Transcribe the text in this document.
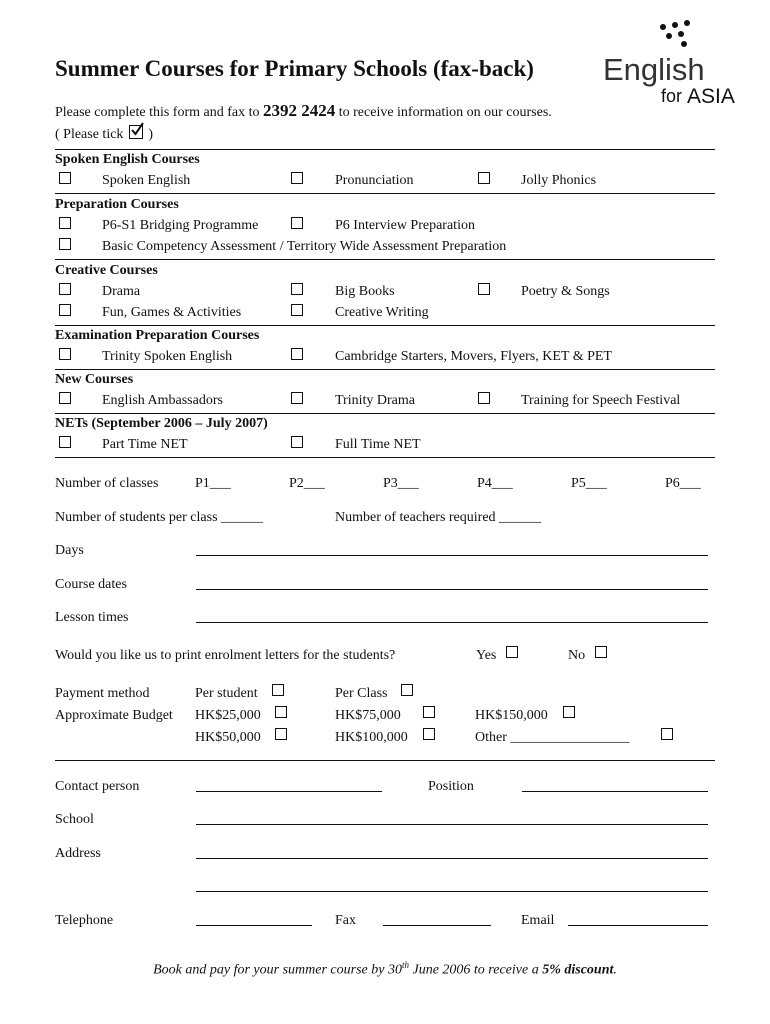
Summer Courses for Primary Schools (fax-back) English
for ASIA
Please complete this form and fax to 2392 2424 to receive information on our courses.
( Please tick )
Spoken English Courses
Spoken English	Pronunciation	Jolly Phonics
Preparation Courses
P6-S1 Bridging Programme	P6 Interview Preparation
Basic Competency Assessment / Territory Wide Assessment Preparation
Creative Courses
Drama	Big Books	Poetry & Songs
Fun, Games & Activities	Creative Writing
Examination Preparation Courses
Trinity Spoken English	Cambridge Starters, Movers, Flyers, KET & PET
New Courses
English Ambassadors	Trinity Drama	Training for Speech Festival
NETs (September 2006 – July 2007)
Part Time NET	Full Time NET
Number of classes	P1___	P2___	P3___	P4___	P5___	P6___
Number of students per class ______	Number of teachers required ______
Days
Course dates
Lesson times
Would you like us to print enrolment letters for the students?	Yes	No
Payment method	Per student	Per Class
Approximate Budget HK$25,000	HK$75,000	HK$150,000
HK$50,000	HK$100,000	Other _________________
Contact person	Position
School
Address
Telephone	Fax	Email
Book and pay for your summer course by 30th June 2006 to receive a 5% discount.
